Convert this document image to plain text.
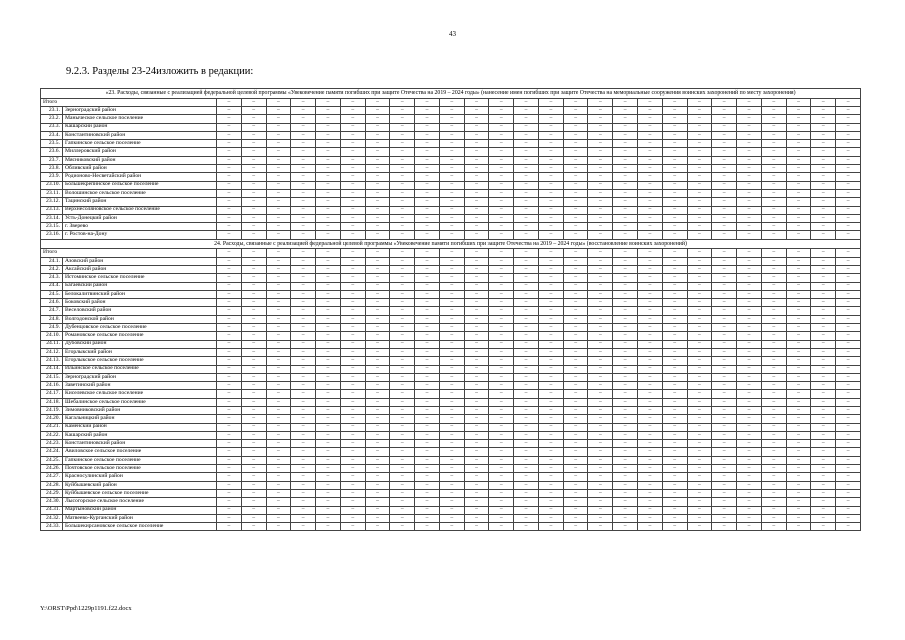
43
9.2.3. Разделы 23-24изложить в редакции:
«23. Расходы, связанные с реализацией федеральной целевой программы «Увековечение памяти погибших при защите Отечества на 2019 – 2024 годы» (нанесение имен погибших при защите Отечества на мемориальные сооружения воинских захоронений по месту захоронения)																											
Итого		–	–	–	–	–	–	–	–	–	–	–	–	–	–	–	–	–	–	–	–	–	–	–	–	–	–
23.1.	Зерноградский район	–	–	–	–	–	–	–	–	–	–	–	–	–	–	–	–	–	–	–	–	–	–	–	–	–	–
23.2.	Маныческое сельское поселение	–	–	–	–	–	–	–	–	–	–	–	–	–	–	–	–	–	–	–	–	–	–	–	–	–	–
23.3.	Кашарский район	–	–	–	–	–	–	–	–	–	–	–	–	–	–	–	–	–	–	–	–	–	–	–	–	–	–
23.4.	Константиновский район	–	–	–	–	–	–	–	–	–	–	–	–	–	–	–	–	–	–	–	–	–	–	–	–	–	–
23.5.	Гапкинское сельское поселение	–	–	–	–	–	–	–	–	–	–	–	–	–	–	–	–	–	–	–	–	–	–	–	–	–	–
23.6.	Миллеровский район	–	–	–	–	–	–	–	–	–	–	–	–	–	–	–	–	–	–	–	–	–	–	–	–	–	–
23.7.	Мясниковский район	–	–	–	–	–	–	–	–	–	–	–	–	–	–	–	–	–	–	–	–	–	–	–	–	–	–
23.8.	Обливский район	–	–	–	–	–	–	–	–	–	–	–	–	–	–	–	–	–	–	–	–	–	–	–	–	–	–
23.9.	Родионово-Несветайский район	–	–	–	–	–	–	–	–	–	–	–	–	–	–	–	–	–	–	–	–	–	–	–	–	–	–
23.10.	Большекрепинское сельское поселение	–	–	–	–	–	–	–	–	–	–	–	–	–	–	–	–	–	–	–	–	–	–	–	–	–	–
23.11.	Волошинское сельское поселение	–	–	–	–	–	–	–	–	–	–	–	–	–	–	–	–	–	–	–	–	–	–	–	–	–	–
23.12.	Тацинский район	–	–	–	–	–	–	–	–	–	–	–	–	–	–	–	–	–	–	–	–	–	–	–	–	–	–
23.13.	Верхнесоляновское сельское поселение	–	–	–	–	–	–	–	–	–	–	–	–	–	–	–	–	–	–	–	–	–	–	–	–	–	–
23.14.	Усть-Донецкий район	–	–	–	–	–	–	–	–	–	–	–	–	–	–	–	–	–	–	–	–	–	–	–	–	–	–
23.15.	г. Зверево	–	–	–	–	–	–	–	–	–	–	–	–	–	–	–	–	–	–	–	–	–	–	–	–	–	–
23.16.	г. Ростов-на-Дону	–	–	–	–	–	–	–	–	–	–	–	–	–	–	–	–	–	–	–	–	–	–	–	–	–	–
24. Расходы, связанные с реализацией федеральной целевой программы «Увековечение памяти погибших при защите Отечества на 2019 – 2024 годы» (восстановление воинских захоронений)																											
Итого		–	–	–	–	–	–	–	–	–	–	–	–	–	–	–	–	–	–	–	–	–	–	–	–	–	–
24.1.	Азовский район	–	–	–	–	–	–	–	–	–	–	–	–	–	–	–	–	–	–	–	–	–	–	–	–	–	–
24.2.	Аксайский район	–	–	–	–	–	–	–	–	–	–	–	–	–	–	–	–	–	–	–	–	–	–	–	–	–	–
24.3.	Истоминское сельское поселение	–	–	–	–	–	–	–	–	–	–	–	–	–	–	–	–	–	–	–	–	–	–	–	–	–	–
24.4.	Багаевский район	–	–	–	–	–	–	–	–	–	–	–	–	–	–	–	–	–	–	–	–	–	–	–	–	–	–
24.5.	Белокалитвинский район	–	–	–	–	–	–	–	–	–	–	–	–	–	–	–	–	–	–	–	–	–	–	–	–	–	–
24.6.	Боковский район	–	–	–	–	–	–	–	–	–	–	–	–	–	–	–	–	–	–	–	–	–	–	–	–	–	–
24.7.	Веселовский район	–	–	–	–	–	–	–	–	–	–	–	–	–	–	–	–	–	–	–	–	–	–	–	–	–	–
24.8.	Волгодонской район	–	–	–	–	–	–	–	–	–	–	–	–	–	–	–	–	–	–	–	–	–	–	–	–	–	–
24.9.	Дубенцовское сельское поселение	–	–	–	–	–	–	–	–	–	–	–	–	–	–	–	–	–	–	–	–	–	–	–	–	–	–
24.10.	Романовское сельское поселение	–	–	–	–	–	–	–	–	–	–	–	–	–	–	–	–	–	–	–	–	–	–	–	–	–	–
24.11.	Дубовский район	–	–	–	–	–	–	–	–	–	–	–	–	–	–	–	–	–	–	–	–	–	–	–	–	–	–
24.12.	Егорлыкский район	–	–	–	–	–	–	–	–	–	–	–	–	–	–	–	–	–	–	–	–	–	–	–	–	–	–
24.13.	Егорлыкское сельское поселение	–	–	–	–	–	–	–	–	–	–	–	–	–	–	–	–	–	–	–	–	–	–	–	–	–	–
24.14.	Ильинское сельское поселение	–	–	–	–	–	–	–	–	–	–	–	–	–	–	–	–	–	–	–	–	–	–	–	–	–	–
24.15.	Зерноградский район	–	–	–	–	–	–	–	–	–	–	–	–	–	–	–	–	–	–	–	–	–	–	–	–	–	–
24.16.	Заветинский район	–	–	–	–	–	–	–	–	–	–	–	–	–	–	–	–	–	–	–	–	–	–	–	–	–	–
24.17.	Киселевское сельское поселение	–	–	–	–	–	–	–	–	–	–	–	–	–	–	–	–	–	–	–	–	–	–	–	–	–	–
24.18.	Шебалинское сельское поселение	–	–	–	–	–	–	–	–	–	–	–	–	–	–	–	–	–	–	–	–	–	–	–	–	–	–
24.19.	Зимовниковский район	–	–	–	–	–	–	–	–	–	–	–	–	–	–	–	–	–	–	–	–	–	–	–	–	–	–
24.20.	Кагальницкий район	–	–	–	–	–	–	–	–	–	–	–	–	–	–	–	–	–	–	–	–	–	–	–	–	–	–
24.21.	Каменский район	–	–	–	–	–	–	–	–	–	–	–	–	–	–	–	–	–	–	–	–	–	–	–	–	–	–
24.22.	Кашарский район	–	–	–	–	–	–	–	–	–	–	–	–	–	–	–	–	–	–	–	–	–	–	–	–	–	–
24.23.	Константиновский район	–	–	–	–	–	–	–	–	–	–	–	–	–	–	–	–	–	–	–	–	–	–	–	–	–	–
24.24.	Авиловское сельское поселение	–	–	–	–	–	–	–	–	–	–	–	–	–	–	–	–	–	–	–	–	–	–	–	–	–	–
24.25.	Гапкинское сельское поселение	–	–	–	–	–	–	–	–	–	–	–	–	–	–	–	–	–	–	–	–	–	–	–	–	–	–
24.26.	Почтовское сельское поселение	–	–	–	–	–	–	–	–	–	–	–	–	–	–	–	–	–	–	–	–	–	–	–	–	–	–
24.27.	Красносулинский район	–	–	–	–	–	–	–	–	–	–	–	–	–	–	–	–	–	–	–	–	–	–	–	–	–	–
24.28.	Куйбышевский район	–	–	–	–	–	–	–	–	–	–	–	–	–	–	–	–	–	–	–	–	–	–	–	–	–	–
24.29.	Куйбышевское сельское поселение	–	–	–	–	–	–	–	–	–	–	–	–	–	–	–	–	–	–	–	–	–	–	–	–	–	–
24.30.	Лысогорское сельское поселение	–	–	–	–	–	–	–	–	–	–	–	–	–	–	–	–	–	–	–	–	–	–	–	–	–	–
24.31.	Мартыновский район	–	–	–	–	–	–	–	–	–	–	–	–	–	–	–	–	–	–	–	–	–	–	–	–	–	–
24.32.	Матвеево-Курганский район	–	–	–	–	–	–	–	–	–	–	–	–	–	–	–	–	–	–	–	–	–	–	–	–	–	–
24.33.	Большекирсановское сельское поселение	–	–	–	–	–	–	–	–	–	–	–	–	–	–	–	–	–	–	–	–	–	–	–	–	–	–
Y:\ORST\Ppd\1229p1191.f22.docx
